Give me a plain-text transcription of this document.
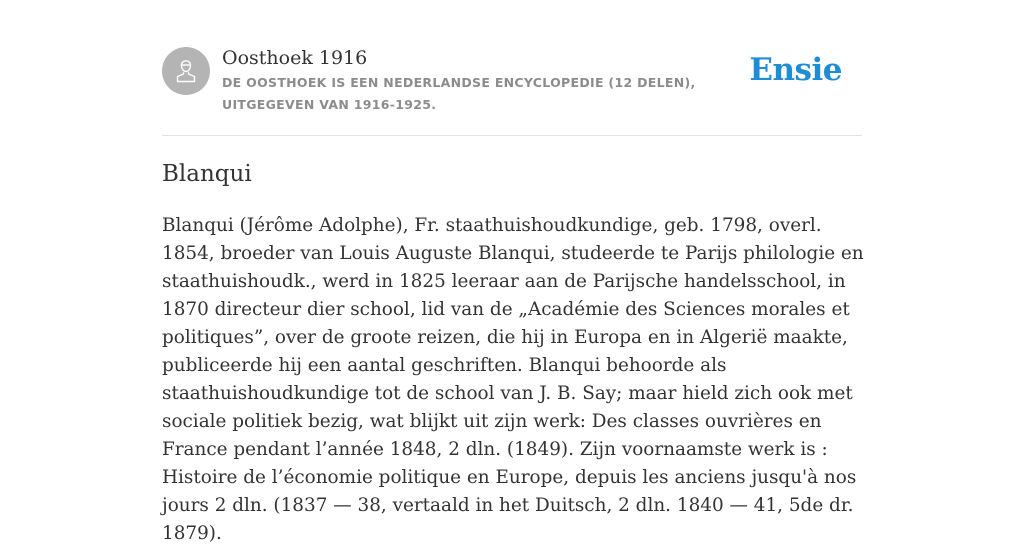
Oosthoek 1916
DE OOSTHOEK IS EEN NEDERLANDSE ENCYCLOPEDIE (12 DELEN), UITGEGEVEN VAN 1916-1925.
Ensie
Blanqui

Blanqui (Jérôme Adolphe), Fr. staathuishoudkundige, geb. 1798, overl. 1854, broeder van Louis Auguste Blanqui, studeerde te Parijs philologie en staathuishoudk., werd in 1825 leeraar aan de Parijsche handelsschool, in 1870 directeur dier school, lid van de „Académie des Sciences morales et politiques”, over de groote reizen, die hij in Europa en in Algerië maakte, publiceerde hij een aantal geschriften. Blanqui behoorde als staathuishoudkundige tot de school van J. B. Say; maar hield zich ook met sociale politiek bezig, wat blijkt uit zijn werk: Des classes ouvrières en France pendant l’année 1848, 2 dln. (1849). Zijn voornaamste werk is : Histoire de l’économie politique en Europe, depuis les anciens jusqu'à nos jours 2 dln. (1837 — 38, vertaald in het Duitsch, 2 dln. 1840 — 41, 5de dr. 1879).
